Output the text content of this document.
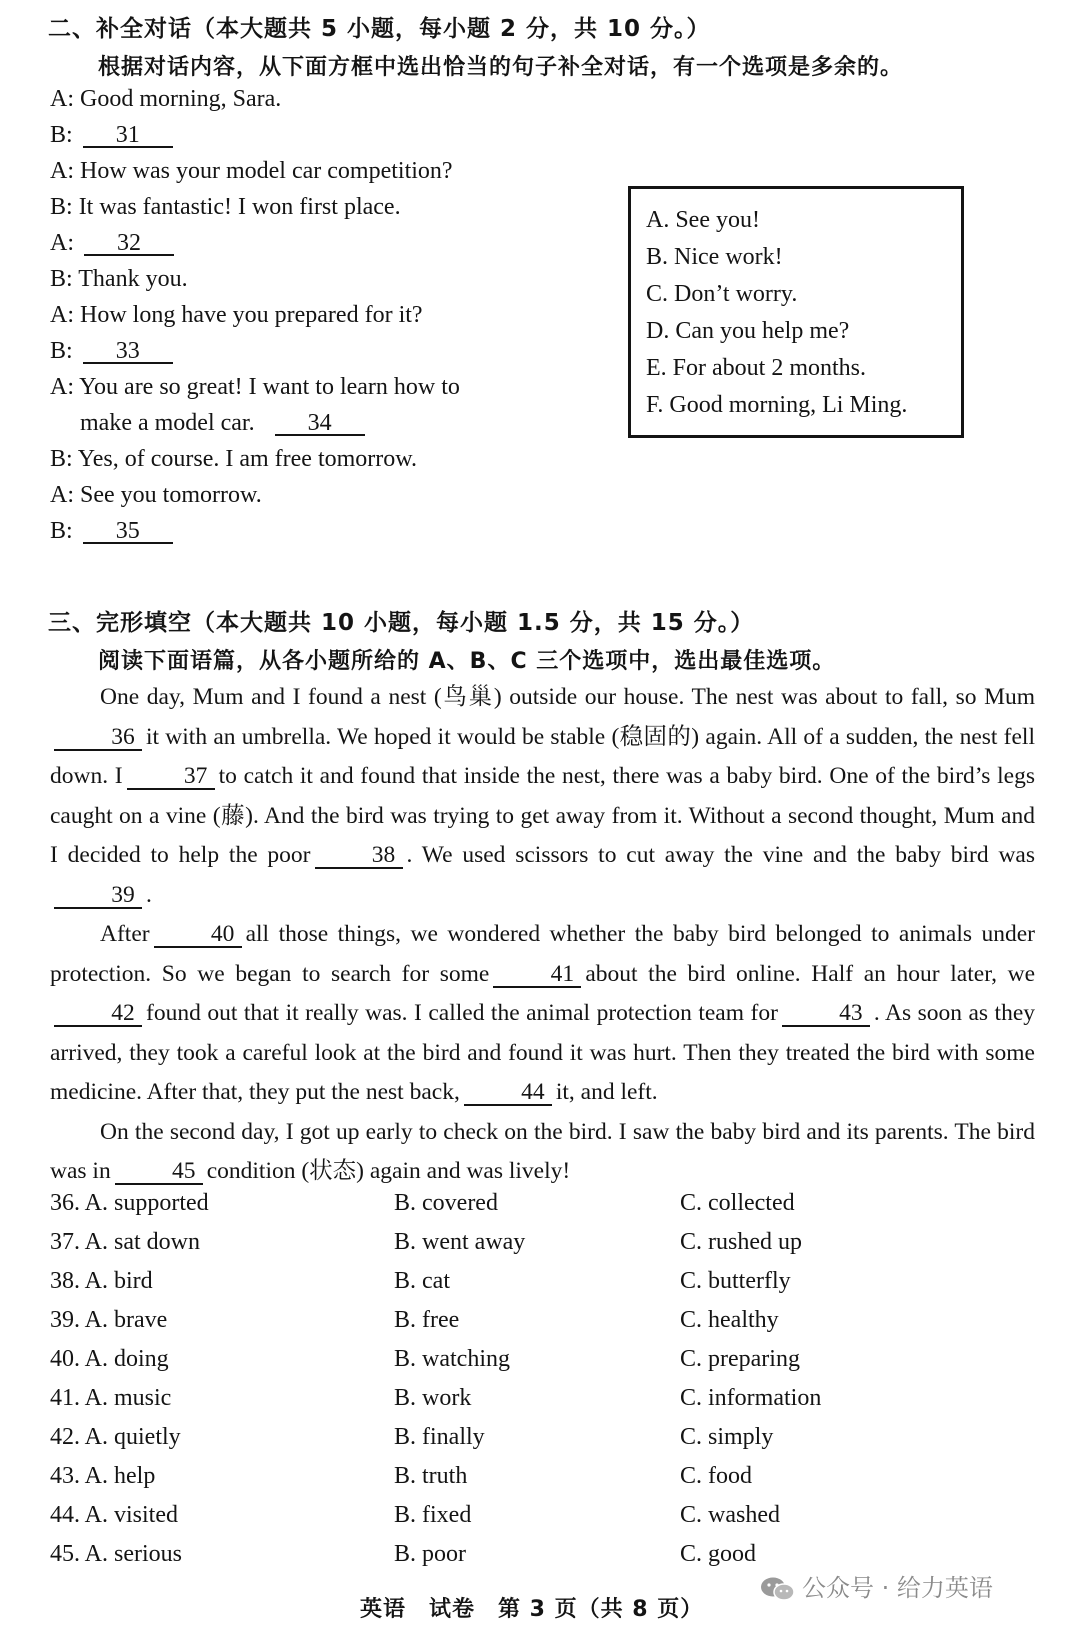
二、补全对话（本大题共 5 小题，每小题 2 分，共 10 分。）
根据对话内容，从下面方框中选出恰当的句子补全对话，有一个选项是多余的。
A: Good morning, Sara.
B: 31
A: How was your model car competition?
B: It was fantastic! I won first place.
A: 32
B: Thank you.
A: How long have you prepared for it?
B: 33
A: You are so great! I want to learn how to
make a model car. 34
B: Yes, of course. I am free tomorrow.
A: See you tomorrow.
B: 35
A. See you!
B. Nice work!
C. Don’t worry.
D. Can you help me?
E. For about 2 months.
F. Good morning, Li Ming.
三、完形填空（本大题共 10 小题，每小题 1.5 分，共 15 分。）
阅读下面语篇，从各小题所给的 A、B、C 三个选项中，选出最佳选项。

One day, Mum and I found a nest (鸟巢) outside our house. The nest was about to fall, so Mum36 it with an umbrella. We hoped it would be stable (稳固的) again. All of a sudden, the nest fell down. I	37 to catch it and found that inside the nest, there was a baby bird. One of the bird’s legs caught on a vine (藤). And the bird was trying to get away from it. Without a second thought, Mum and I decided to help the poor	38 . We used scissors to cut away the vine and the baby bird was39 .

After	40 all those things, we wondered whether the baby bird belonged to animals under protection. So we began to search for some	41 about the bird online. Half an hour later, we42 found out that it really was. I called the animal protection team for	43 . As soon as they arrived, they took a careful look at the bird and found it was hurt. Then they treated the bird with some medicine. After that, they put the nest back,	44 it, and left.

On the second day, I got up early to check on the bird. I saw the baby bird and its parents. The bird was in	45 condition (状态) again and was lively!

36. A. supported	B. covered	C. collected
37. A. sat down	B. went away	C. rushed up
38. A. bird	B. cat	C. butterfly
39. A. brave	B. free	C. healthy
40. A. doing	B. watching	C. preparing
41. A. music	B. work	C. information
42. A. quietly	B. finally	C. simply
43. A. help	B. truth	C. food
44. A. visited	B. fixed	C. washed
45. A. serious	B. poor	C. good
公众号 · 给力英语
英语　试卷　第 3 页（共 8 页）
